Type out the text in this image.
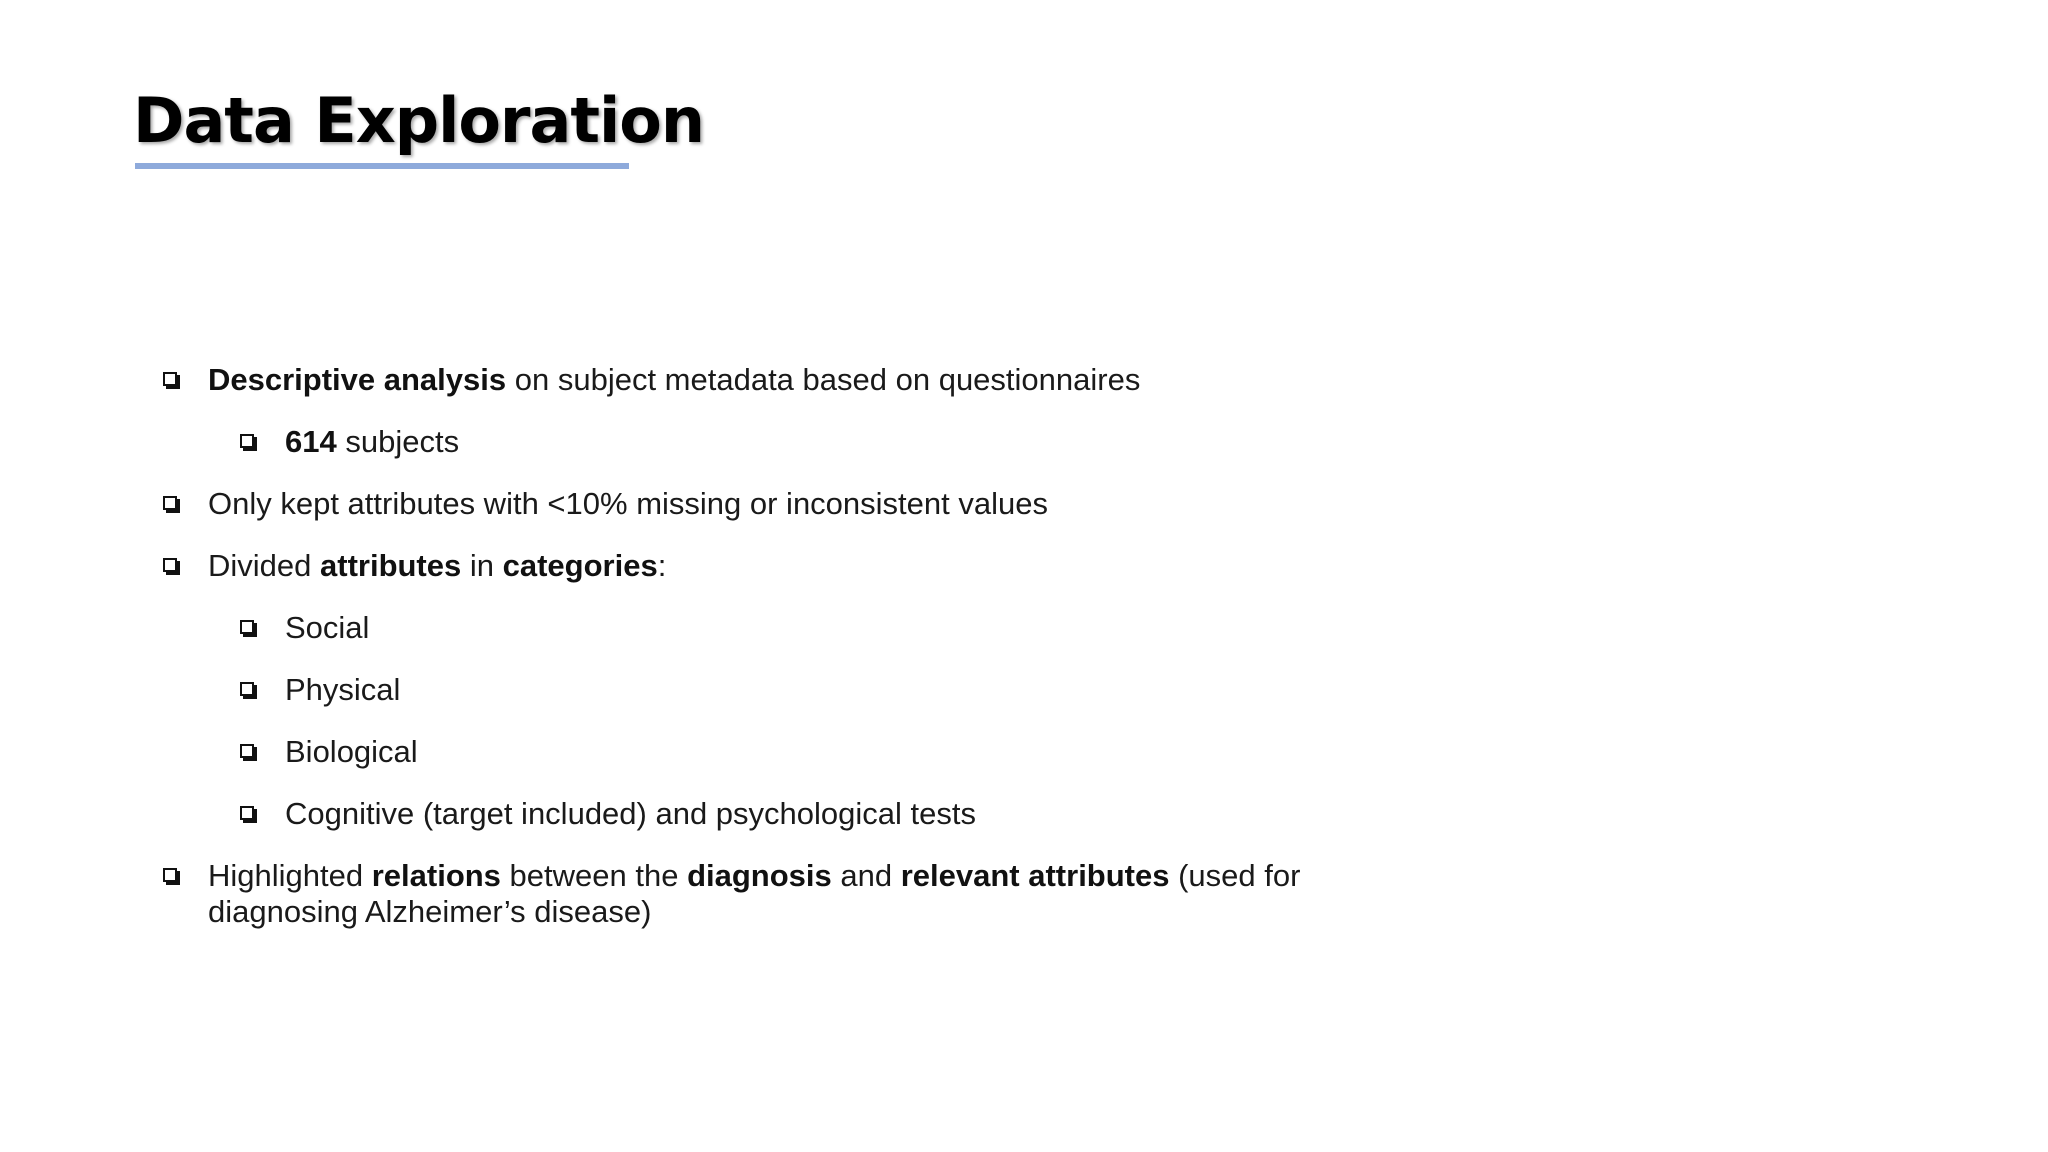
Data Exploration
Descriptive analysis on subject metadata based on questionnaires
614 subjects
Only kept attributes with <10% missing or inconsistent values
Divided attributes in categories:
Social
Physical
Biological
Cognitive (target included) and psychological tests
Highlighted relations between the diagnosis and relevant attributes (used for diagnosing Alzheimer’s disease)
